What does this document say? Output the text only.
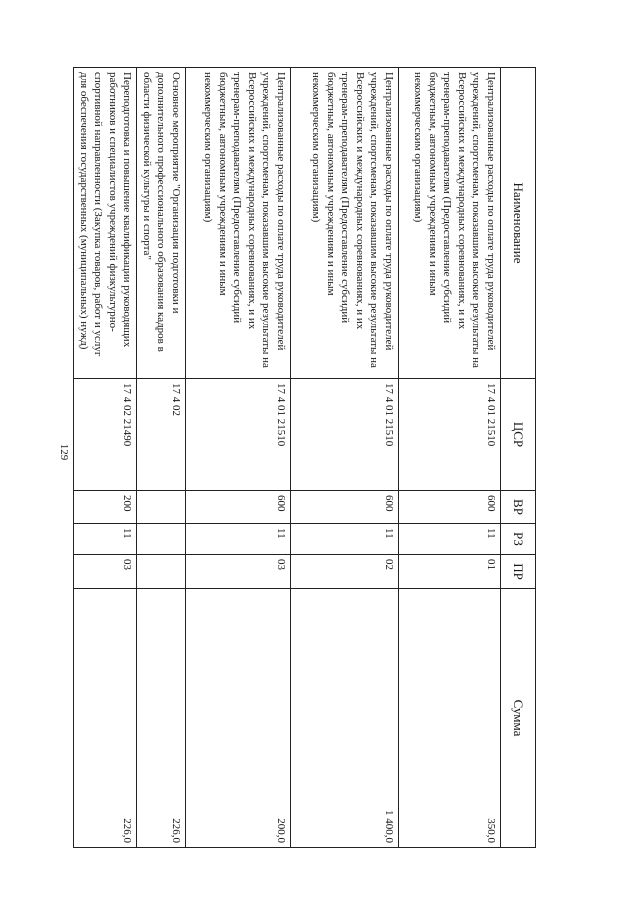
129
Наименование	ЦСР	ВР	РЗ	ПР	Сумма
Централизованные расходы по оплате труда руководителей учреждений, спортсменам, показавшим высокие результаты на Всероссийских и международных соревнованиях, и их тренерам-преподавателям (Предоставление субсидий бюджетным, автономным учреждениям и иным некоммерческим организациям)	17 4 01 21510	600	11	01	350,0
Централизованные расходы по оплате труда руководителей учреждений, спортсменам, показавшим высокие результаты на Всероссийских и международных соревнованиях, и их тренерам-преподавателям (Предоставление субсидий бюджетным, автономным учреждениям и иным некоммерческим организациям)	17 4 01 21510	600	11	02	1 400,0
Централизованные расходы по оплате труда руководителей учреждений, спортсменам, показавшим высокие результаты на Всероссийских и международных соревнованиях, и их тренерам-преподавателям (Предоставление субсидий бюджетным, автономным учреждениям и иным некоммерческим организациям)	17 4 01 21510	600	11	03	200,0
Основное мероприятие "Организация подготовки и дополнительного профессионального образования кадров в области физической культуры и спорта"	17 4 02				226,0
Переподготовка и повышение квалификации руководящих работников и специалистов учреждений физкультурно-спортивной направленности (Закупка товаров, работ и услуг для обеспечения государственных (муниципальных) нужд)	17 4 02 21490	200	11	03	226,0
